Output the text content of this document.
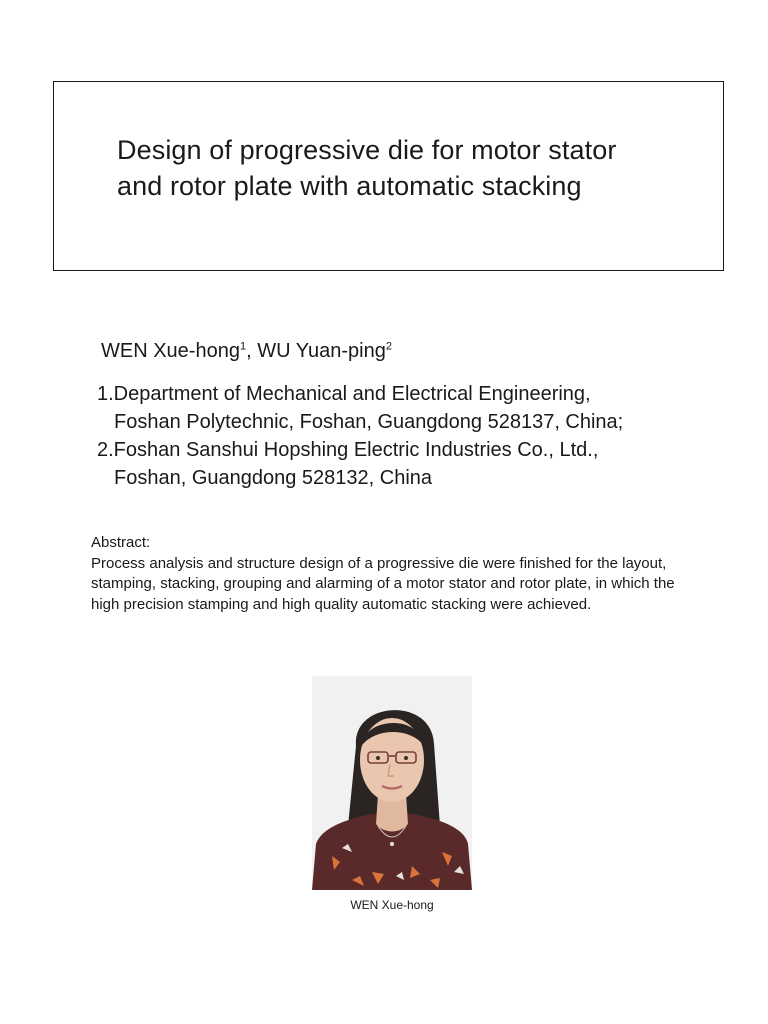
Design of progressive die for motor stator
and rotor plate with automatic stacking
WEN Xue-hong$^1$, WU Yuan-ping$^2$
1.Department of Mechanical and Electrical Engineering,
Foshan Polytechnic, Foshan, Guangdong 528137, China;
2.Foshan Sanshui Hopshing Electric Industries Co., Ltd.,
Foshan, Guangdong 528132, China
Abstract:
Process analysis and structure design of a progressive die were finished for the layout, stamping, stacking, grouping and alarming of a motor stator and rotor plate, in which the high precision stamping and high quality automatic stacking were achieved.
WEN Xue-hong
